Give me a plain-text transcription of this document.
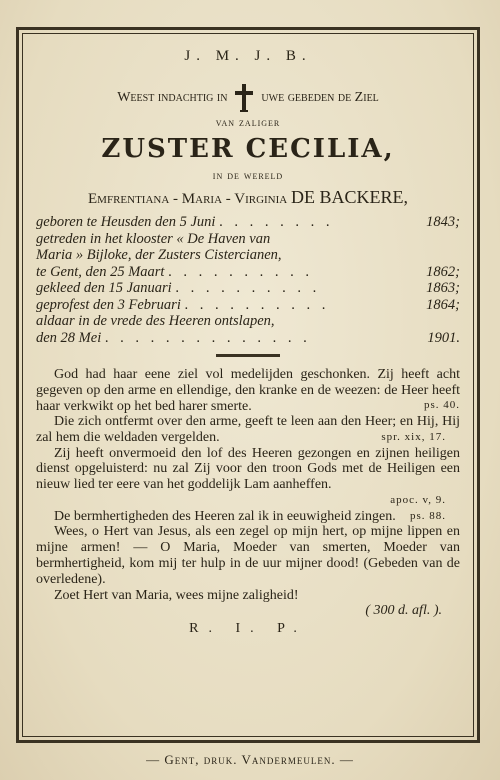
J. M. J. B.
Weest indachtig in uwe gebeden de Ziel
van zaliger
ZUSTER CECILIA,
in de wereld
Emfrentiana - Maria - Virginia DE BACKERE,
geboren te Heusden den 5 Juni . . . . . . . .	1843;
getreden in het klooster « De Haven van
Maria » Bijloke, der Zusters Cistercianen,
te Gent, den 25 Maart . . . . . . . . . .	1862;
gekleed den 15 Januari . . . . . . . . . .	1863;
geprofest den 3 Februari . . . . . . . . . .	1864;
aldaar in de vrede des Heeren ontslapen,
den 28 Mei . . . . . . . . . . . . . .	1901.
God had haar eene ziel vol medelijden geschonken. Zij heeft acht gegeven op den arme en ellendige, den kranke en de weezen: de Heer heeft haar verkwikt op het bed harer smerte.	ps. 40.
Die zich ontfermt over den arme, geeft te leen aan den Heer; en Hij, Hij zal hem die weldaden vergelden.	spr. xix, 17.
Zij heeft onvermoeid den lof des Heeren gezongen en zijnen heiligen dienst opgeluisterd: nu zal Zij voor den troon Gods met de Heiligen een nieuw lied ter eere van het goddelijk Lam aanheffen.
apoc. v, 9.
De bermhertigheden des Heeren zal ik in eeuwigheid zingen.	ps. 88.
Wees, o Hert van Jesus, als een zegel op mijn hert, op mijne lippen en mijne armen! — O Maria, Moeder van smerten, Moeder van bermhertigheid, kom mij ter hulp in de uur mijner dood! (Gebeden van de overledene).
Zoet Hert van Maria, wees mijne zaligheid!
( 300 d. afl. ).
R. I. P.
— Gent, druk. Vandermeulen. —
